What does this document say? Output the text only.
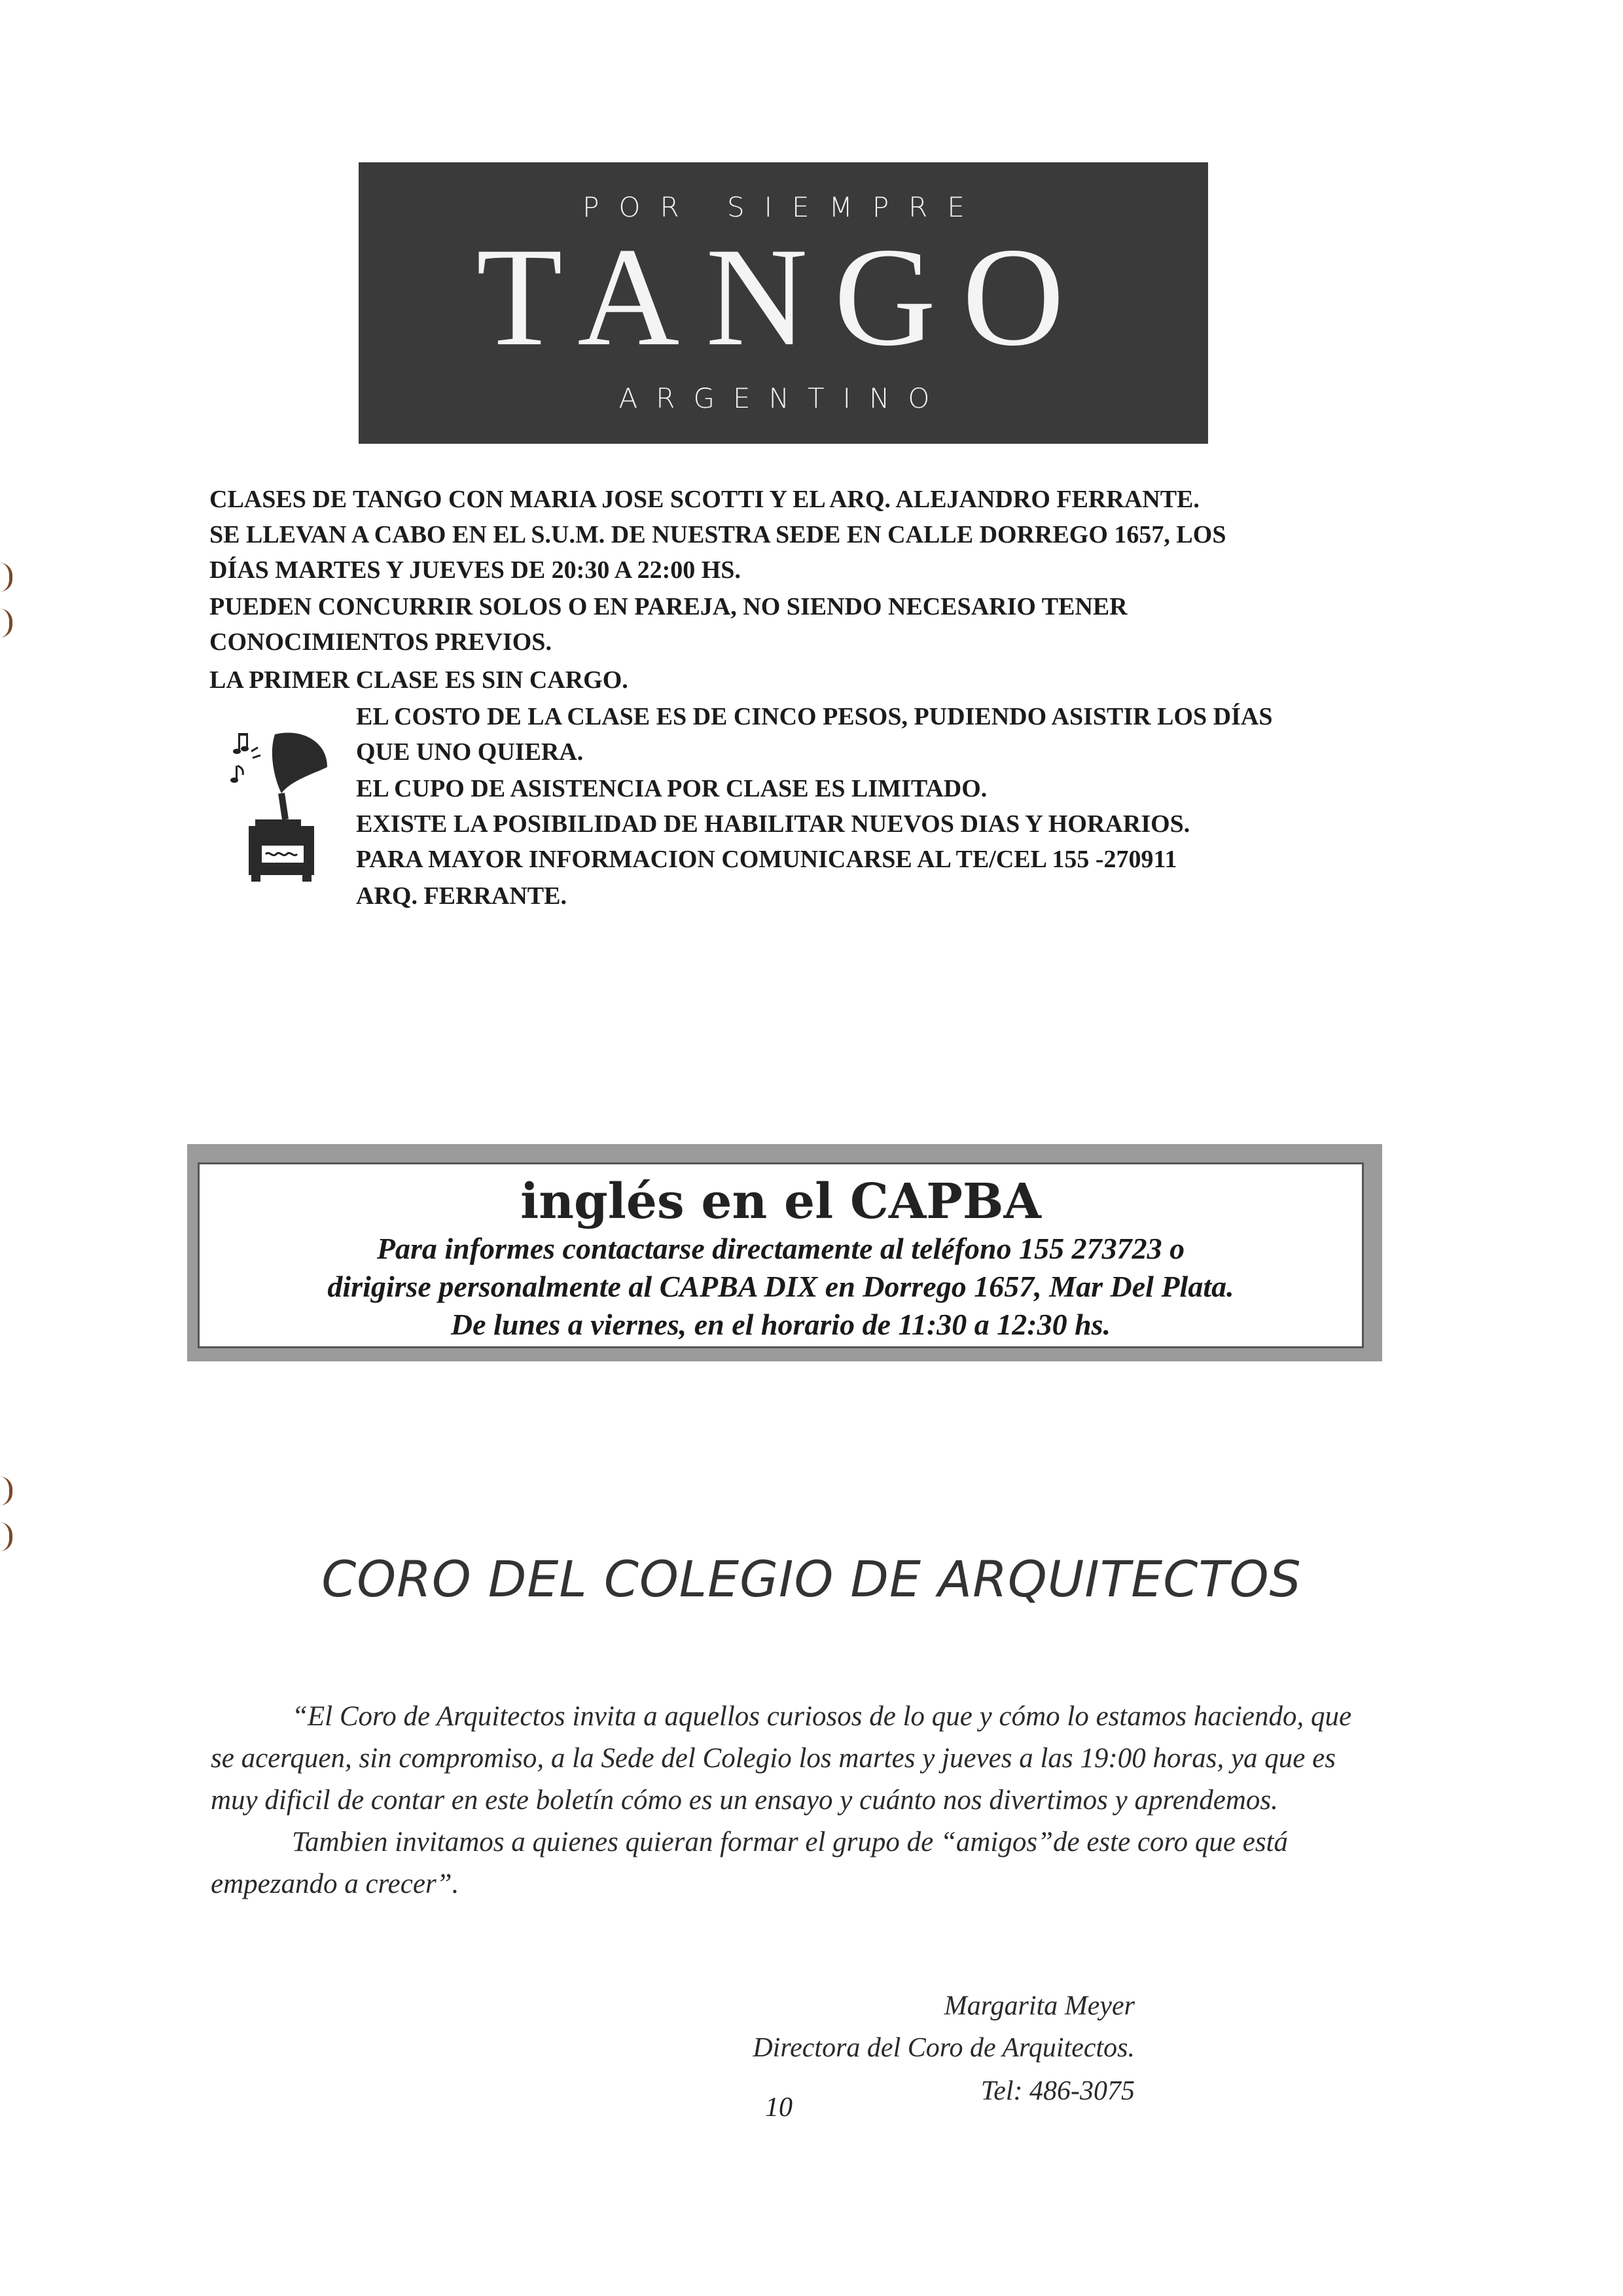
POR SIEMPRE
TANGO
ARGENTINO
CLASES DE TANGO CON MARIA JOSE SCOTTI Y EL ARQ. ALEJANDRO FERRANTE.
SE LLEVAN A CABO EN EL S.U.M. DE NUESTRA SEDE EN CALLE DORREGO 1657, LOS
DÍAS MARTES Y JUEVES DE 20:30 A 22:00 HS.
PUEDEN CONCURRIR SOLOS O EN PAREJA, NO SIENDO NECESARIO TENER
CONOCIMIENTOS PREVIOS.
LA PRIMER CLASE ES SIN CARGO.
EL COSTO DE LA CLASE ES DE CINCO PESOS, PUDIENDO ASISTIR LOS DÍAS
QUE UNO QUIERA.
EL CUPO DE ASISTENCIA POR CLASE ES LIMITADO.
EXISTE LA POSIBILIDAD DE HABILITAR NUEVOS DIAS Y HORARIOS.
PARA MAYOR INFORMACION COMUNICARSE AL TE/CEL 155 -270911
ARQ. FERRANTE.
inglés en el CAPBA
Para informes contactarse directamente al teléfono 155 273723 o
dirigirse personalmente al CAPBA DIX en Dorrego 1657, Mar Del Plata.
De lunes a viernes, en el horario de 11:30 a 12:30 hs.
CORO DEL COLEGIO DE ARQUITECTOS
“El Coro de Arquitectos invita a aquellos curiosos de lo que y cómo lo estamos haciendo, que
se acerquen, sin compromiso, a la Sede del Colegio los martes y jueves a las 19:00 horas, ya que es
muy dificil de contar en este boletín cómo es un ensayo y cuánto nos divertimos y aprendemos.
Tambien invitamos a quienes quieran formar el grupo de “amigos”de este coro que está
empezando a crecer”.
Margarita Meyer
Directora del Coro de Arquitectos.
Tel: 486-3075
10
